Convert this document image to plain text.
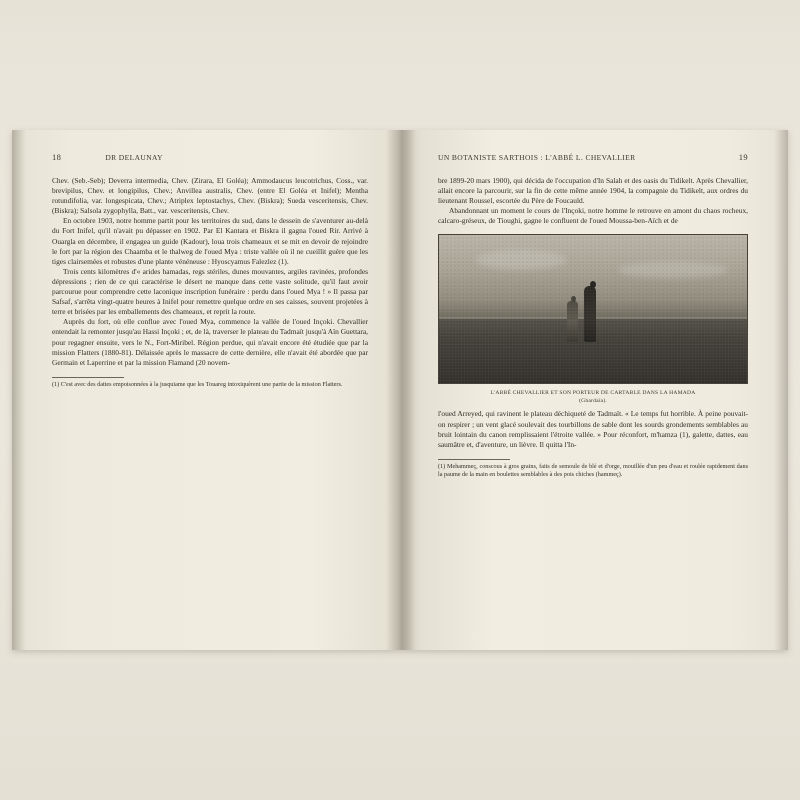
18	DR DELAUNAY

Chev. (Seb.-Seb); Deverra intermedia, Chev. (Zirara, El Goléa); Ammodaucus leucotrichus, Coss., var. brevipilus, Chev. et longipilus, Chev.; Anvillea australis, Chev. (entre El Goléa et Inifel); Mentha rotundifolia, var. longespicata, Chev.; Atriplex leptostachys, Chev. (Biskra); Sueda vesceritensis, Chev. (Biskra); Salsola zygophylla, Batt., var. vesceritensis, Chev.

En octobre 1903, notre homme partit pour les territoires du sud, dans le dessein de s'aventurer au-delà du Fort Inifel, qu'il n'avait pu dépasser en 1902. Par El Kantara et Biskra il gagna l'oued Rir. Arrivé à Ouargla en décembre, il engagea un guide (Kadour), loua trois chameaux et se mit en devoir de rejoindre le fort par la région des Chaamba et le thalweg de l'oued Mya : triste vallée où il ne cueillit guère que les tiges clairsemées et robustes d'une plante vénéneuse : Hyoscyamus Falezlez (1).

Trois cents kilomètres d'« arides hamadas, regs stériles, dunes mouvantes, argiles ravinées, profondes dépressions ; rien de ce qui caractérise le désert ne manque dans cette vaste solitude, qu'il faut avoir parcourue pour comprendre cette laconique inscription funéraire : perdu dans l'oued Mya ! » Il passa par Safsaf, s'arrêta vingt-quatre heures à Inifel pour remettre quelque ordre en ses caisses, souvent projetées à terre et brisées par les emballements des chameaux, et reprit la route.

Auprès du fort, où elle conflue avec l'oued Mya, commence la vallée de l'oued Inçoki. Chevallier entendait la remonter jusqu'au Hassi Inçoki ; et, de là, traverser le plateau du Tadmaït jusqu'à Aïn Guettara, pour regagner ensuite, vers le N., Fort-Miribel. Région perdue, qui n'avait encore été étudiée que par la mission Flatters (1880-81). Délaissée après le massacre de cette dernière, elle n'avait été abordée que par Germain et Laperrine et par la mission Flamand (20 novem-

(1) C'est avec des dattes empoisonnées à la jusquiame que les Touareg intoxiquèrent une partie de la mission Flatters.
UN BOTANISTE SARTHOIS : L'ABBÉ L. CHEVALLIER	19

bre 1899-20 mars 1900), qui décida de l'occupation d'In Salah et des oasis du Tidikelt. Après Chevallier, allait encore la parcourir, sur la fin de cette même année 1904, la compagnie du Tidikelt, aux ordres du lieutenant Roussel, escortée du Père de Foucauld.

Abandonnant un moment le cours de l'Inçoki, notre homme le retrouve en amont du chaos rocheux, calcaro-gréseux, de Tioughi, gagne le confluent de l'oued Moussa-ben-Aïch et de

L'ABBÉ CHEVALLIER ET SON PORTEUR DE CARTABLE DANS LA HAMADA
(Ghardaïa).

l'oued Arreyed, qui ravinent le plateau déchiqueté de Tadmaït. « Le temps fut horrible. À peine pouvait-on respirer ; un vent glacé soulevait des tourbillons de sable dont les sourds grondements semblables au bruit lointain du canon remplissaient l'étroite vallée. » Pour réconfort, m'hamza (1), galette, dattes, eau saumâtre et, d'aventure, un lièvre. Il quitta l'In-

(1) Mehammeç, conscous à gros grains, faits de semoule de blé et d'orge, mouillée d'un peu d'eau et roulée rapidement dans la paume de la main en boulettes semblables à des pois chiches (hammeç).
